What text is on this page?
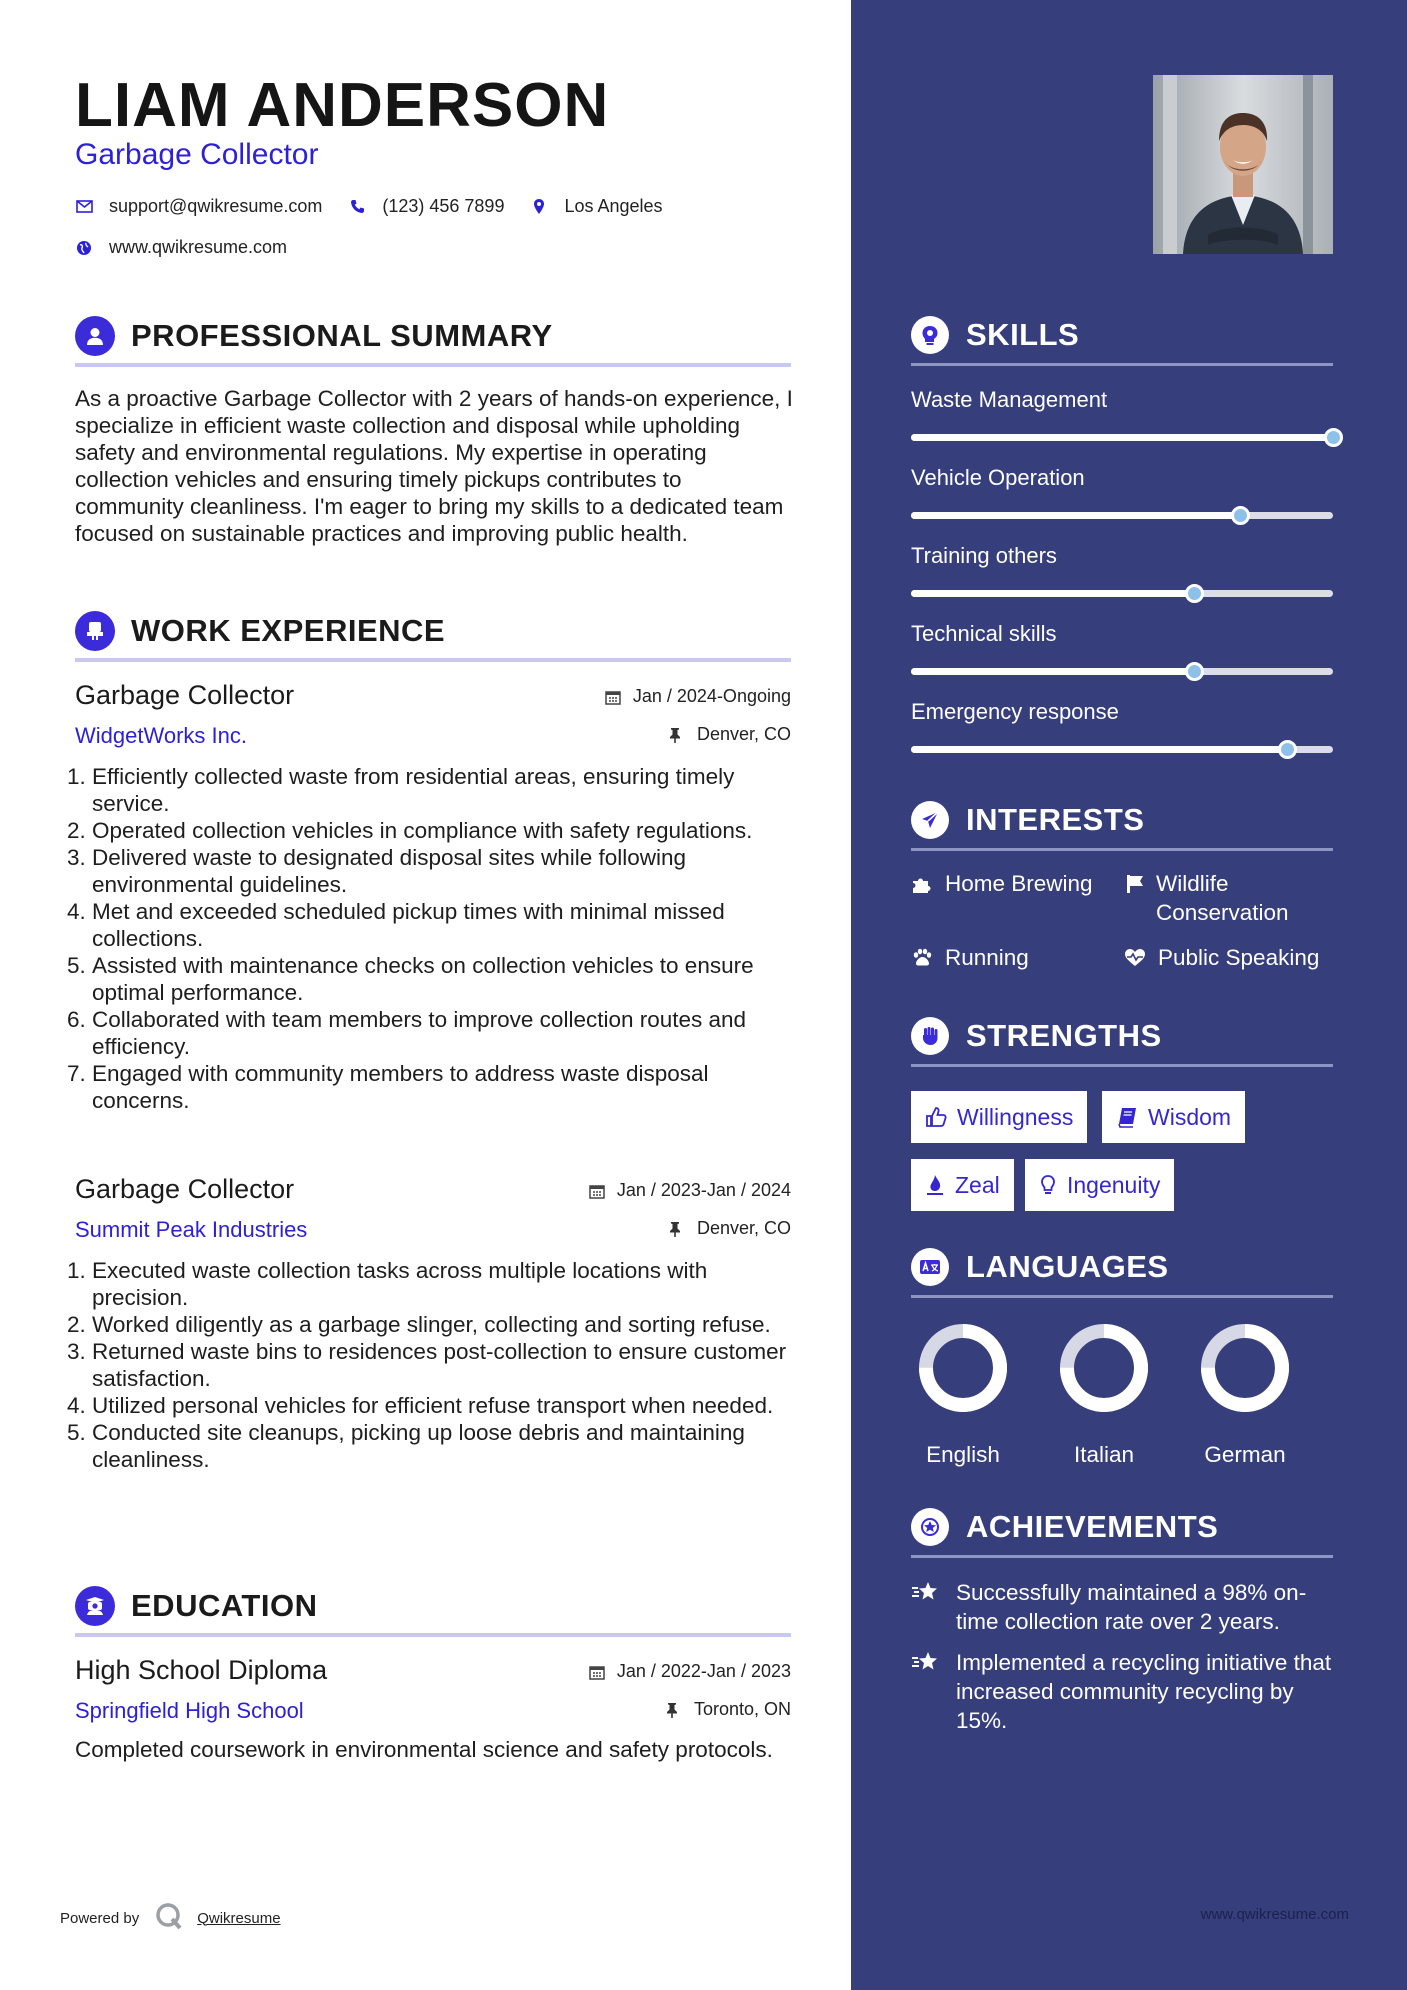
LIAM ANDERSON
Garbage Collector
support@qwikresume.com	(123) 456 7899	Los Angeles
www.qwikresume.com
PROFESSIONAL SUMMARY
As a proactive Garbage Collector with 2 years of hands-on experience, I specialize in efficient waste collection and disposal while upholding safety and environmental regulations. My expertise in operating collection vehicles and ensuring timely pickups contributes to community cleanliness. I'm eager to bring my skills to a dedicated team focused on sustainable practices and improving public health.
WORK EXPERIENCE
Garbage Collector	Jan / 2024-Ongoing
WidgetWorks Inc.	Denver, CO
1. Efficiently collected waste from residential areas, ensuring timely service.
2. Operated collection vehicles in compliance with safety regulations.
3. Delivered waste to designated disposal sites while following environmental guidelines.
4. Met and exceeded scheduled pickup times with minimal missed collections.
5. Assisted with maintenance checks on collection vehicles to ensure optimal performance.
6. Collaborated with team members to improve collection routes and efficiency.
7. Engaged with community members to address waste disposal concerns.
Garbage Collector	Jan / 2023-Jan / 2024
Summit Peak Industries	Denver, CO
1. Executed waste collection tasks across multiple locations with precision.
2. Worked diligently as a garbage slinger, collecting and sorting refuse.
3. Returned waste bins to residences post-collection to ensure customer satisfaction.
4. Utilized personal vehicles for efficient refuse transport when needed.
5. Conducted site cleanups, picking up loose debris and maintaining cleanliness.
EDUCATION
High School Diploma	Jan / 2022-Jan / 2023
Springfield High School	Toronto, ON
Completed coursework in environmental science and safety protocols.
Powered by	Qwikresume
SKILLS
Waste Management
Vehicle Operation
Training others
Technical skills
Emergency response
INTERESTS
Home Brewing	Wildlife Conservation
Running	Public Speaking
STRENGTHS
Willingness	Wisdom
Zeal	Ingenuity
LANGUAGES
English	Italian	German
ACHIEVEMENTS
Successfully maintained a 98% on-time collection rate over 2 years.
Implemented a recycling initiative that increased community recycling by 15%.
www.qwikresume.com
